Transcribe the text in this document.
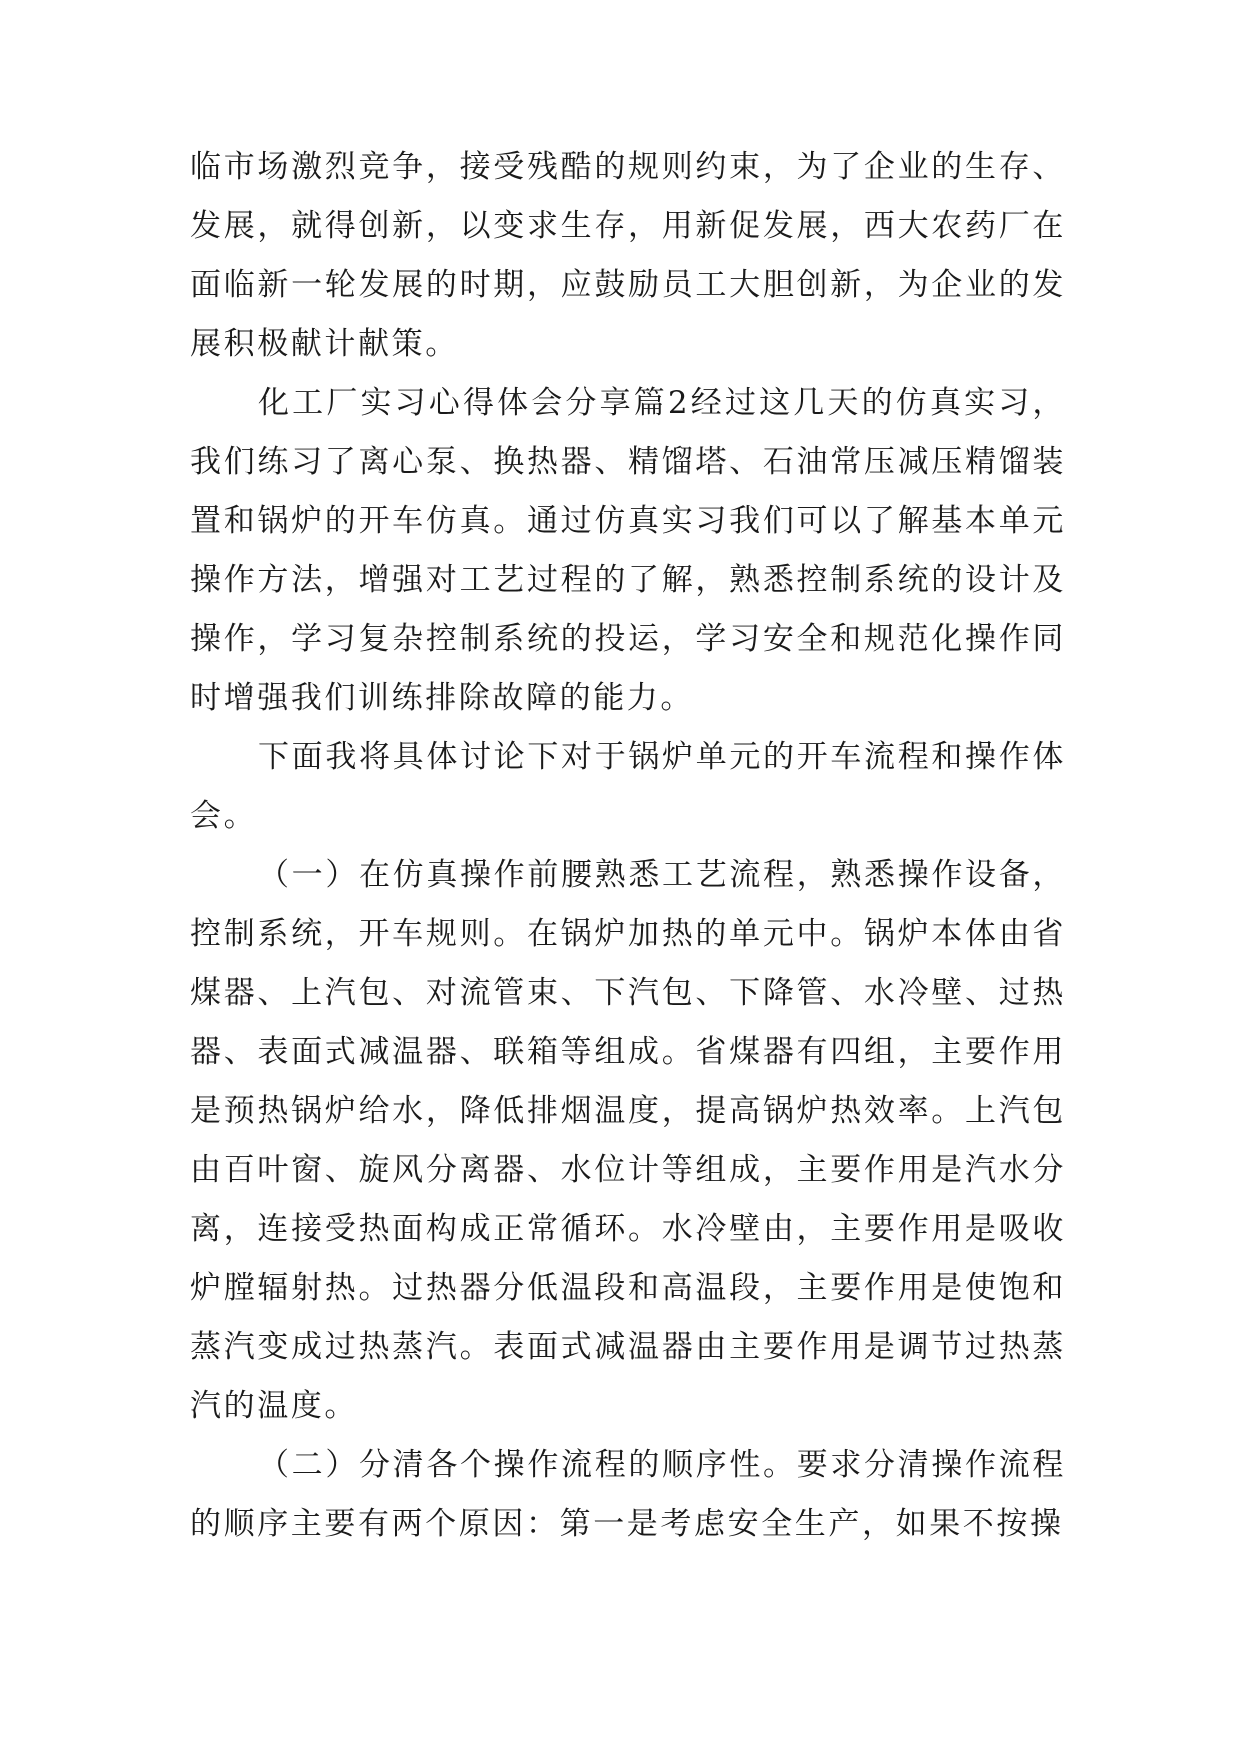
临市场激烈竞争，接受残酷的规则约束，为了企业的生存、发展，就得创新，以变求生存，用新促发展，西大农药厂在面临新一轮发展的时期，应鼓励员工大胆创新，为企业的发展积极献计献策。

化工厂实习心得体会分享篇2经过这几天的仿真实习，我们练习了离心泵、换热器、精馏塔、石油常压减压精馏装置和锅炉的开车仿真。通过仿真实习我们可以了解基本单元操作方法，增强对工艺过程的了解，熟悉控制系统的设计及操作，学习复杂控制系统的投运，学习安全和规范化操作同时增强我们训练排除故障的能力。

下面我将具体讨论下对于锅炉单元的开车流程和操作体会。

（一）在仿真操作前腰熟悉工艺流程，熟悉操作设备，控制系统，开车规则。在锅炉加热的单元中。锅炉本体由省煤器、上汽包、对流管束、下汽包、下降管、水冷壁、过热器、表面式减温器、联箱等组成。省煤器有四组，主要作用是预热锅炉给水，降低排烟温度，提高锅炉热效率。上汽包由百叶窗、旋风分离器、水位计等组成，主要作用是汽水分离，连接受热面构成正常循环。水冷壁由，主要作用是吸收炉膛辐射热。过热器分低温段和高温段，主要作用是使饱和蒸汽变成过热蒸汽。表面式减温器由主要作用是调节过热蒸汽的温度。

（二）分清各个操作流程的顺序性。要求分清操作流程的顺序主要有两个原因：第一是考虑安全生产，如果不按操
